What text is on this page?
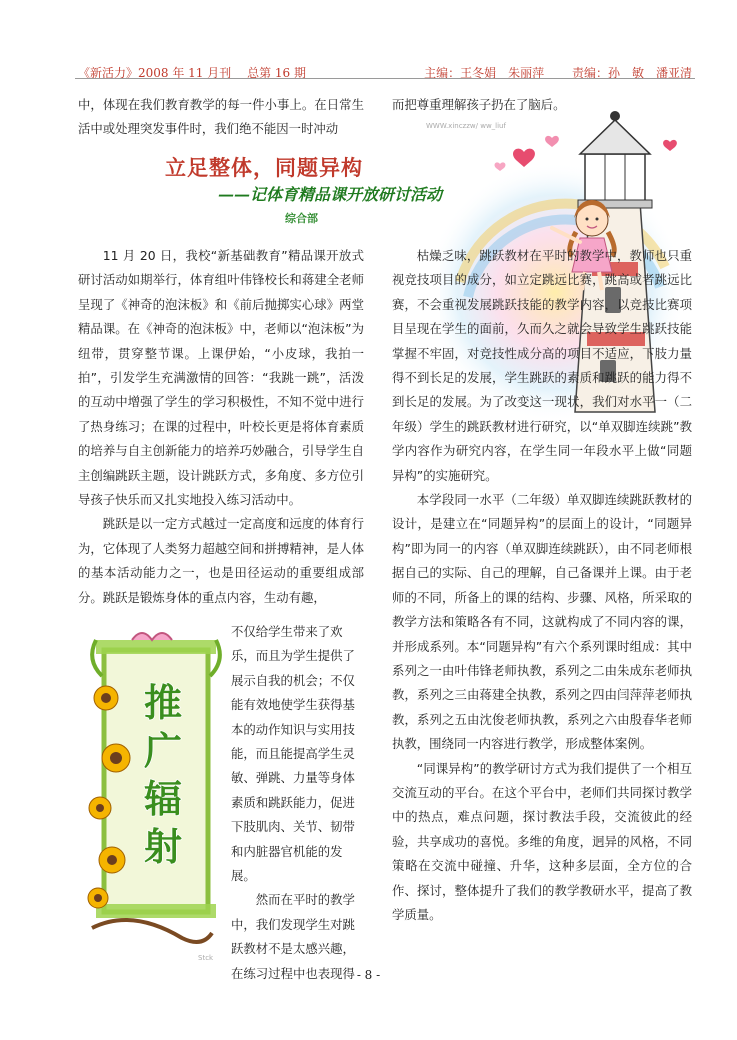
《新活力》2008 年 11 月刊　 总第 16 期	主编：王冬娟　朱丽萍　　 责编：孙　敏　潘亚清

中，体现在我们教育教学的每一件小事上。在日常生活中或处理突发事件时，我们绝不能因一时冲动

而把尊重理解孩子扔在了脑后。

WWW.xinczzw/ ww_liuf
立足整体，同题异构
——记体育精品课开放研讨活动
综合部

11 月 20 日，我校“新基础教育”精品课开放式研讨活动如期举行，体育组叶伟锋校长和蒋建全老师呈现了《神奇的泡沫板》和《前后抛掷实心球》两堂精品课。在《神奇的泡沫板》中，老师以“泡沫板”为纽带，贯穿整节课。上课伊始，“小皮球，我拍一拍”，引发学生充满激情的回答：“我跳一跳”，活泼的互动中增强了学生的学习积极性，不知不觉中进行了热身练习；在课的过程中，叶校长更是将体育素质的培养与自主创新能力的培养巧妙融合，引导学生自主创编跳跃主题，设计跳跃方式，多角度、多方位引导孩子快乐而又扎实地投入练习活动中。

跳跃是以一定方式越过一定高度和远度的体育行为，它体现了人类努力超越空间和拼搏精神，是人体的基本活动能力之一，也是田径运动的重要组成部分。跳跃是锻炼身体的重点内容，生动有趣，

不仅给学生带来了欢
乐，而且为学生提供了
展示自我的机会；不仅
能有效地使学生获得基
本的动作知识与实用技
能，而且能提高学生灵
敏、弹跳、力量等身体
素质和跳跃能力，促进
下肢肌肉、关节、韧带
和内脏器官机能的发
展。
然而在平时的教学
中，我们发现学生对跳
跃教材不是太感兴趣，
在练习过程中也表现得
推
广
辐
射
Stck

枯燥乏味，跳跃教材在平时的教学中，教师也只重视竞技项目的成分，如立定跳远比赛，跳高或者跳远比赛，不会重视发展跳跃技能的教学内容，以竞技比赛项目呈现在学生的面前，久而久之就会导致学生跳跃技能掌握不牢固，对竞技性成分高的项目不适应，下肢力量得不到长足的发展，学生跳跃的素质和跳跃的能力得不到长足的发展。为了改变这一现状，我们对水平一（二年级）学生的跳跃教材进行研究，以“单双脚连续跳”教学内容作为研究内容，在学生同一年段水平上做“同题异构”的实施研究。

本学段同一水平（二年级）单双脚连续跳跃教材的设计，是建立在“同题异构”的层面上的设计，“同题异构”即为同一的内容（单双脚连续跳跃），由不同老师根据自己的实际、自己的理解，自己备课并上课。由于老师的不同，所备上的课的结构、步骤、风格，所采取的教学方法和策略各有不同，这就构成了不同内容的课，并形成系列。本“同题异构”有六个系列课时组成：其中系列之一由叶伟锋老师执教，系列之二由朱成东老师执教，系列之三由蒋建全执教，系列之四由闫萍萍老师执教，系列之五由沈俊老师执教，系列之六由殷春华老师执教，围绕同一内容进行教学，形成整体案例。

“同课异构”的教学研讨方式为我们提供了一个相互交流互动的平台。在这个平台中，老师们共同探讨教学中的热点，难点问题，探讨教法手段，交流彼此的经验，共享成功的喜悦。多维的角度，迥异的风格，不同策略在交流中碰撞、升华，这种多层面，全方位的合作、探讨，整体提升了我们的教学教研水平，提高了教学质量。

- 8 -
